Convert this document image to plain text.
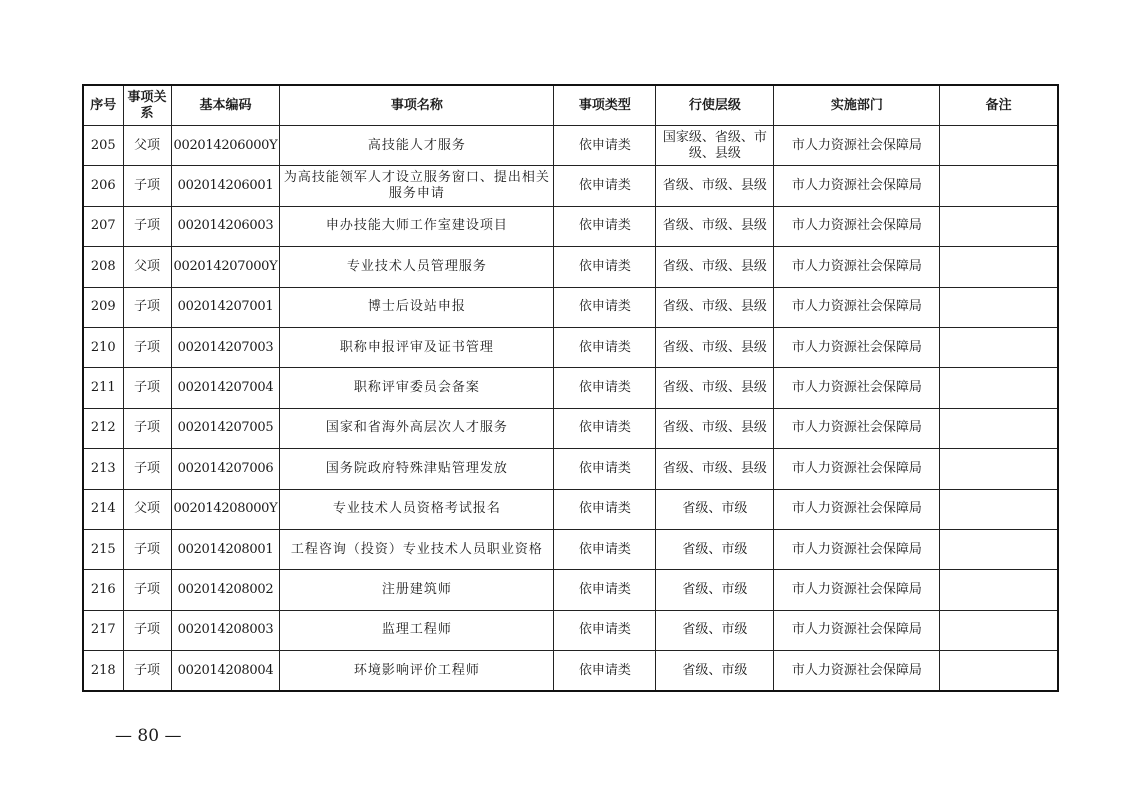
序号	事项关系	基本编码	事项名称	事项类型	行使层级	实施部门	备注
205	父项	002014206000Y	高技能人才服务	依申请类	国家级、省级、市级、县级	市人力资源社会保障局	
206	子项	002014206001	为高技能领军人才设立服务窗口、提出相关服务申请	依申请类	省级、市级、县级	市人力资源社会保障局	
207	子项	002014206003	申办技能大师工作室建设项目	依申请类	省级、市级、县级	市人力资源社会保障局	
208	父项	002014207000Y	专业技术人员管理服务	依申请类	省级、市级、县级	市人力资源社会保障局	
209	子项	002014207001	博士后设站申报	依申请类	省级、市级、县级	市人力资源社会保障局	
210	子项	002014207003	职称申报评审及证书管理	依申请类	省级、市级、县级	市人力资源社会保障局	
211	子项	002014207004	职称评审委员会备案	依申请类	省级、市级、县级	市人力资源社会保障局	
212	子项	002014207005	国家和省海外高层次人才服务	依申请类	省级、市级、县级	市人力资源社会保障局	
213	子项	002014207006	国务院政府特殊津贴管理发放	依申请类	省级、市级、县级	市人力资源社会保障局	
214	父项	002014208000Y	专业技术人员资格考试报名	依申请类	省级、市级	市人力资源社会保障局	
215	子项	002014208001	工程咨询（投资）专业技术人员职业资格	依申请类	省级、市级	市人力资源社会保障局	
216	子项	002014208002	注册建筑师	依申请类	省级、市级	市人力资源社会保障局	
217	子项	002014208003	监理工程师	依申请类	省级、市级	市人力资源社会保障局	
218	子项	002014208004	环境影响评价工程师	依申请类	省级、市级	市人力资源社会保障局	
— 80 —
